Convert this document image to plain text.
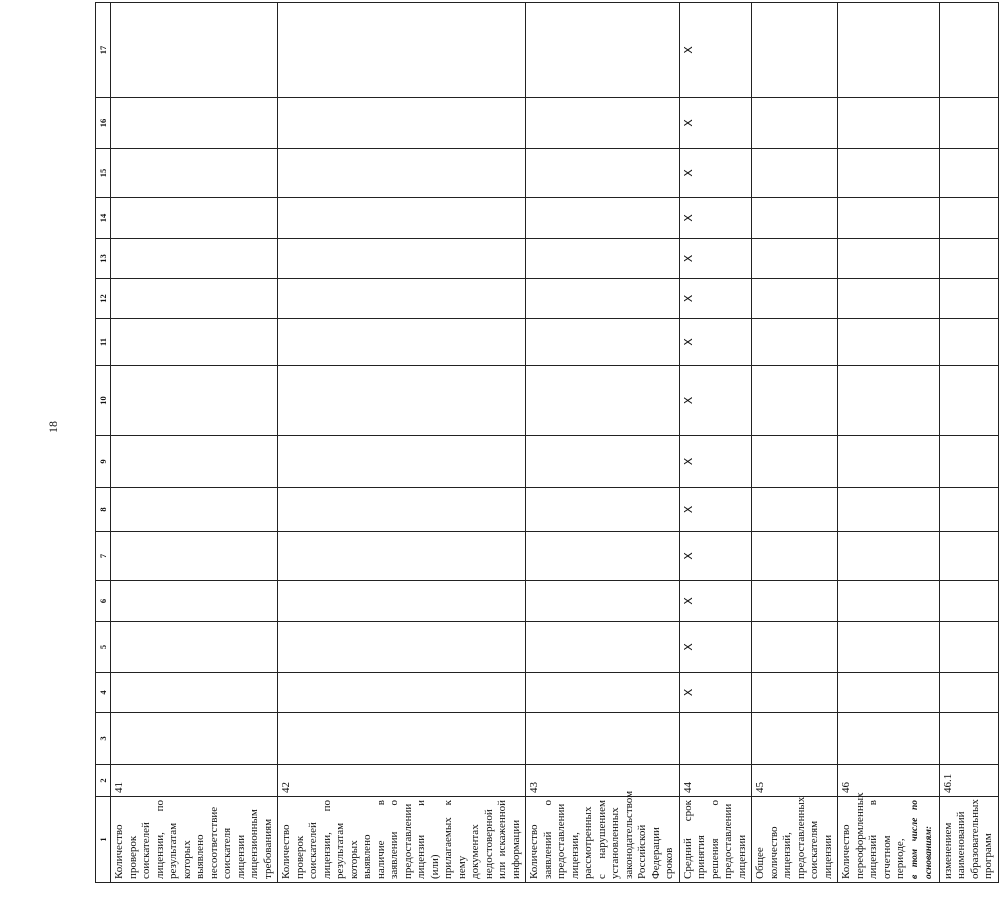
18
1	2	3	4	5	6	7	8	9	10	11	12	13	14	15	16	17
Количество проверок соискателей лицензии, по результатам которых выявлено несоответствие соискателя лицензии лицензионным требованиям	41															
Количество проверок соискателей лицензии, по результатам которых выявлено наличие в заявлении о предоставлении лицензии и (или) прилагаемых к нему документах недостоверной или искаженной информации	42															
Количество заявлений о предоставлении лицензии, рассмотренных с нарушением установленных законодательством Российской Федерации сроков	43															
Средний срок принятия решения о предоставлении лицензии	44		X	X	X	X	X	X	X	X	X	X	X	X	X	X
Общее количество лицензий, предоставленных соискателям лицензии	45															
Количество переоформленных лицензий в отчетном периоде, в том числе по основаниям:	46															
изменением наименований образовательных программ	46.1															
